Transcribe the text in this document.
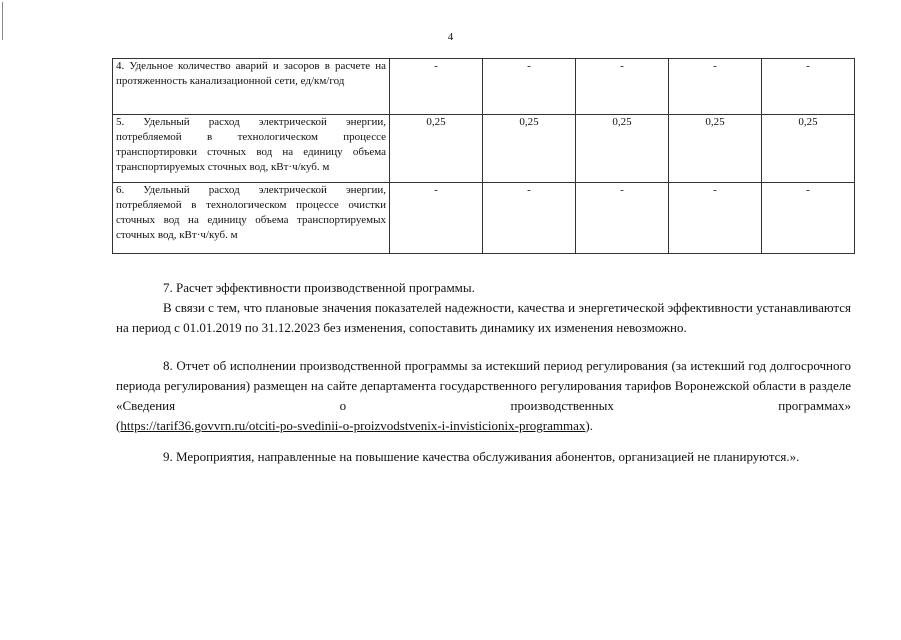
4
4. Удельное количество аварий и засоров в расчете на протяженность канализационной сети, ед/км/год	-	-	-	-	-
5. Удельный расход электрической энергии, потребляемой в технологическом процессе транспортировки сточных вод на единицу объема транспортируемых сточных вод, кВт·ч/куб. м	0,25	0,25	0,25	0,25	0,25
6. Удельный расход электрической энергии, потребляемой в технологическом процессе очистки сточных вод на единицу объема транспортируемых сточных вод, кВт·ч/куб. м	-	-	-	-	-

7. Расчет эффективности производственной программы.

В связи с тем, что плановые значения показателей надежности, качества и энергетической эффективности устанавливаются на период с 01.01.2019 по 31.12.2023 без изменения, сопоставить динамику их изменения невозможно.

8. Отчет об исполнении производственной программы за истекший период регулирования (за истекший год долгосрочного периода регулирования) размещен на сайте департамента государственного регулирования тарифов Воронежской области в разделе «Сведения о производственных программах»

(https://tarif36.govvrn.ru/otciti-po-svedinii-o-proizvodstvenix-i-invisticionix-programmax).

9. Мероприятия, направленные на повышение качества обслуживания абонентов, организацией не планируются.».
